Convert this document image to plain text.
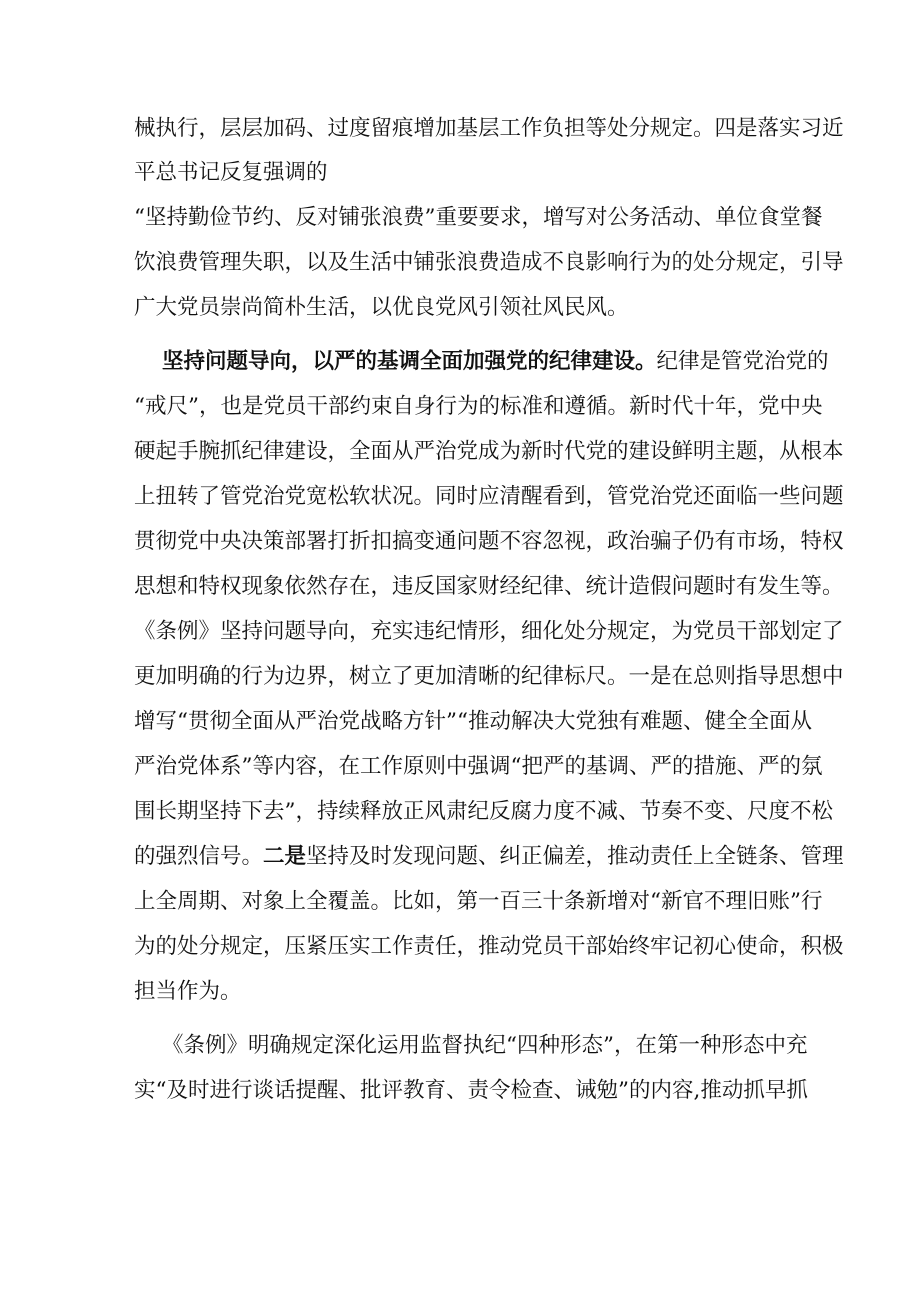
械执行，层层加码、过度留痕增加基层工作负担等处分规定。四是落实习近
平总书记反复强调的
“坚持勤俭节约、反对铺张浪费”重要要求，增写对公务活动、单位食堂餐
饮浪费管理失职，以及生活中铺张浪费造成不良影响行为的处分规定，引导
广大党员崇尚简朴生活，以优良党风引领社风民风。
坚持问题导向，以严的基调全面加强党的纪律建设。纪律是管党治党的
“戒尺”，也是党员干部约束自身行为的标准和遵循。新时代十年，党中央
硬起手腕抓纪律建设，全面从严治党成为新时代党的建设鲜明主题，从根本
上扭转了管党治党宽松软状况。同时应清醒看到，管党治党还面临一些问题
贯彻党中央决策部署打折扣搞变通问题不容忽视，政治骗子仍有市场，特权
思想和特权现象依然存在，违反国家财经纪律、统计造假问题时有发生等。
《条例》坚持问题导向，充实违纪情形，细化处分规定，为党员干部划定了
更加明确的行为边界，树立了更加清晰的纪律标尺。一是在总则指导思想中
增写“贯彻全面从严治党战略方针”“推动解决大党独有难题、健全全面从
严治党体系”等内容，在工作原则中强调“把严的基调、严的措施、严的氛
围长期坚持下去”，持续释放正风肃纪反腐力度不减、节奏不变、尺度不松
的强烈信号。二是坚持及时发现问题、纠正偏差，推动责任上全链条、管理
上全周期、对象上全覆盖。比如，第一百三十条新增对“新官不理旧账”行
为的处分规定，压紧压实工作责任，推动党员干部始终牢记初心使命，积极
担当作为。
《条例》明确规定深化运用监督执纪“四种形态”，在第一种形态中充
实“及时进行谈话提醒、批评教育、责令检查、诫勉”的内容,推动抓早抓
